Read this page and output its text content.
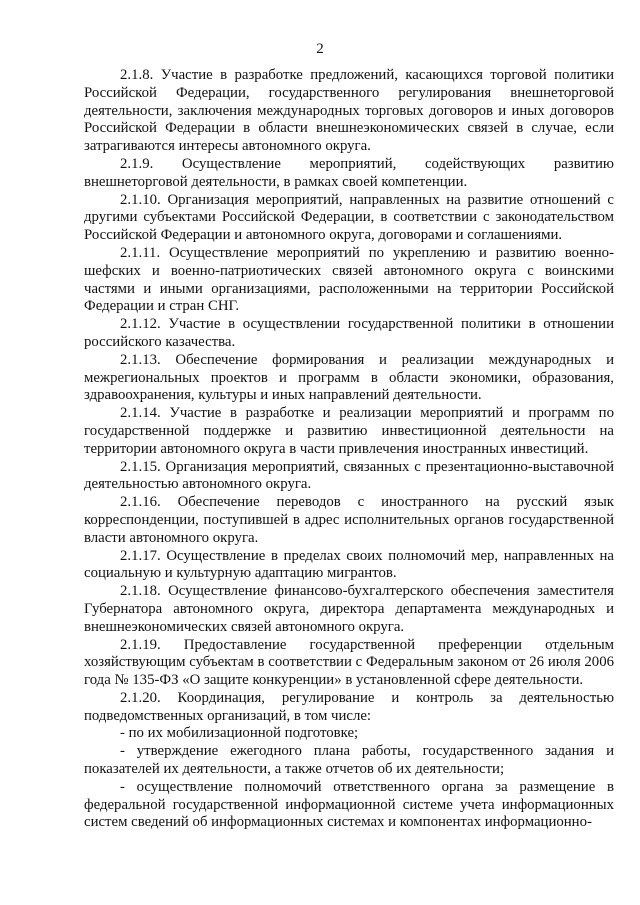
2

2.1.8. Участие в разработке предложений, касающихся торговой политики Российской Федерации, государственного регулирования внешнеторговой деятельности, заключения международных торговых договоров и иных договоров Российской Федерации в области внешнеэкономических связей в случае, если затрагиваются интересы автономного округа.

2.1.9. Осуществление мероприятий, содействующих развитию внешнеторговой деятельности, в рамках своей компетенции.

2.1.10. Организация мероприятий, направленных на развитие отношений с другими субъектами Российской Федерации, в соответствии с законодательством Российской Федерации и автономного округа, договорами и соглашениями.

2.1.11. Осуществление мероприятий по укреплению и развитию военно-шефских и военно-патриотических связей автономного округа с воинскими частями и иными организациями, расположенными на территории Российской Федерации и стран СНГ.

2.1.12. Участие в осуществлении государственной политики в отношении российского казачества.

2.1.13. Обеспечение формирования и реализации международных и межрегиональных проектов и программ в области экономики, образования, здравоохранения, культуры и иных направлений деятельности.

2.1.14. Участие в разработке и реализации мероприятий и программ по государственной поддержке и развитию инвестиционной деятельности на территории автономного округа в части привлечения иностранных инвестиций.

2.1.15. Организация мероприятий, связанных с презентационно-выставочной деятельностью автономного округа.

2.1.16. Обеспечение переводов с иностранного на русский язык корреспонденции, поступившей в адрес исполнительных органов государственной власти автономного округа.

2.1.17. Осуществление в пределах своих полномочий мер, направленных на социальную и культурную адаптацию мигрантов.

2.1.18. Осуществление финансово-бухгалтерского обеспечения заместителя Губернатора автономного округа, директора департамента международных и внешнеэкономических связей автономного округа.

2.1.19. Предоставление государственной преференции отдельным хозяйствующим субъектам в соответствии с Федеральным законом от 26 июля 2006 года № 135-ФЗ «О защите конкуренции» в установленной сфере деятельности.

2.1.20. Координация, регулирование и контроль за деятельностью подведомственных организаций, в том числе:

- по их мобилизационной подготовке;

- утверждение ежегодного плана работы, государственного задания и показателей их деятельности, а также отчетов об их деятельности;

- осуществление полномочий ответственного органа за размещение в федеральной государственной информационной системе учета информационных систем сведений об информационных системах и компонентах информационно-
